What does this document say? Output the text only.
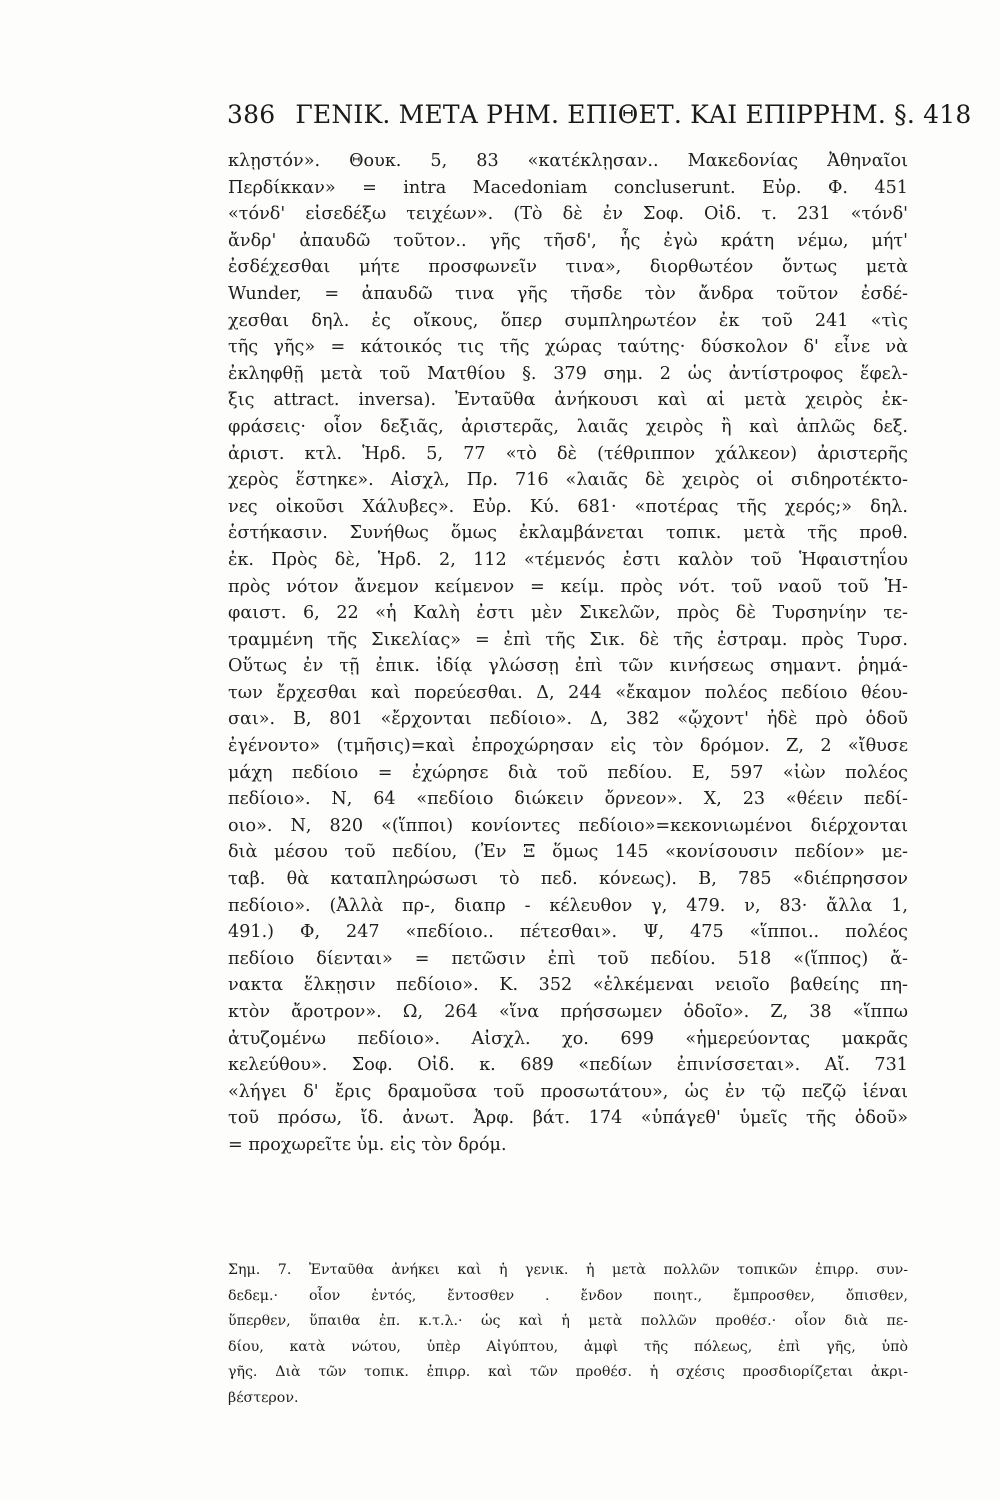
386 ΓΕΝΙΚ. ΜΕΤΑ ΡΗΜ. ΕΠΙΘΕΤ. ΚΑΙ ΕΠΙΡΡΗΜ. §. 418
κλῃστόν». Θουκ. 5, 83 «κατέκλῃσαν.. Μακεδονίας Ἀθηναῖοι
Περδίκκαν» = intra Macedoniam concluserunt. Εὐρ. Φ. 451
«τόνδ' εἰσεδέξω τειχέων». (Τὸ δὲ ἐν Σοφ. Οἰδ. τ. 231 «τόνδ'
ἄνδρ' ἀπαυδῶ τοῦτον.. γῆς τῆσδ', ἧς ἐγὼ κράτη νέμω, μήτ'
ἐσδέχεσθαι μήτε προσφωνεῖν τινα», διορθωτέον ὄντως μετὰ
Wunder, = ἀπαυδῶ τινα γῆς τῆσδε τὸν ἄνδρα τοῦτον ἐσδέ-
χεσθαι δηλ. ἐς οἴκους, ὅπερ συμπληρωτέον ἐκ τοῦ 241 «τὶς
τῆς γῆς» = κάτοικός τις τῆς χώρας ταύτης· δύσκολον δ' εἶνε νὰ
ἐκληφθῇ μετὰ τοῦ Ματθίου §. 379 σημ. 2 ὡς ἀντίστροφος ἕφελ-
ξις attract. inversa). Ἐνταῦθα ἀνήκουσι καὶ αἱ μετὰ χειρὸς ἐκ-
φράσεις· οἷον δεξιᾶς, ἀριστερᾶς, λαιᾶς χειρὸς ἢ καὶ ἁπλῶς δεξ.
ἀριστ. κτλ. Ἡρδ. 5, 77 «τὸ δὲ (τέθριππον χάλκεον) ἀριστερῆς
χερὸς ἕστηκε». Αἰσχλ, Πρ. 716 «λαιᾶς δὲ χειρὸς οἱ σιδηροτέκτο-
νες οἰκοῦσι Χάλυβες». Εὐρ. Κύ. 681· «ποτέρας τῆς χερός;» δηλ.
ἑστήκασιν. Συνήθως ὅμως ἐκλαμβάνεται τοπικ. μετὰ τῆς προθ.
ἐκ. Πρὸς δὲ, Ἡρδ. 2, 112 «τέμενός ἐστι καλὸν τοῦ Ἡφαιστηΐου
πρὸς νότον ἄνεμον κείμενον = κείμ. πρὸς νότ. τοῦ ναοῦ τοῦ Ἡ-
φαιστ. 6, 22 «ἡ Καλὴ ἐστι μὲν Σικελῶν, πρὸς δὲ Τυρσηνίην τε-
τραμμένη τῆς Σικελίας» = ἐπὶ τῆς Σικ. δὲ τῆς ἐστραμ. πρὸς Τυρσ.
Οὕτως ἐν τῇ ἐπικ. ἰδίᾳ γλώσσῃ ἐπὶ τῶν κινήσεως σημαντ. ῥημά-
των ἔρχεσθαι καὶ πορεύεσθαι. Δ, 244 «ἔκαμον πολέος πεδίοιο θέου-
σαι». Β, 801 «ἔρχονται πεδίοιο». Δ, 382 «ᾤχοντ' ἠδὲ πρὸ ὁδοῦ
ἐγένοντο» (τμῆσις)=καὶ ἐπροχώρησαν εἰς τὸν δρόμον. Ζ, 2 «ἴθυσε
μάχη πεδίοιο = ἐχώρησε διὰ τοῦ πεδίου. Ε, 597 «ἰὼν πολέος
πεδίοιο». Ν, 64 «πεδίοιο διώκειν ὄρνεον». Χ, 23 «θέειν πεδί-
οιο». Ν, 820 «(ἵπποι) κονίοντες πεδίοιο»=κεκονιωμένοι διέρχονται
διὰ μέσου τοῦ πεδίου, (Ἐν Ξ ὅμως 145 «κονίσουσιν πεδίον» με-
ταβ. θὰ καταπληρώσωσι τὸ πεδ. κόνεως). Β, 785 «διέπρησσον
πεδίοιο». (Ἀλλὰ πρ-, διαπρ - κέλευθον γ, 479. ν, 83· ἄλλα 1,
491.) Φ, 247 «πεδίοιο.. πέτεσθαι». Ψ, 475 «ἵπποι.. πολέος
πεδίοιο δίενται» = πετῶσιν ἐπὶ τοῦ πεδίου. 518 «(ἵππος) ἄ-
νακτα ἕλκῃσιν πεδίοιο». Κ. 352 «ἑλκέμεναι νειοῖο βαθείης πη-
κτὸν ἄροτρον». Ω, 264 «ἵνα πρήσσωμεν ὁδοῖο». Ζ, 38 «ἵππω
ἀτυζομένω πεδίοιο». Αἰσχλ. χο. 699 «ἡμερεύοντας μακρᾶς
κελεύθου». Σοφ. Οἰδ. κ. 689 «πεδίων ἐπινίσσεται». Αἴ. 731
«λήγει δ' ἔρις δραμοῦσα τοῦ προσωτάτου», ὡς ἐν τῷ πεζῷ ἱέναι
τοῦ πρόσω, ἴδ. ἀνωτ. Ἀρφ. βάτ. 174 «ὑπάγεθ' ὑμεῖς τῆς ὁδοῦ»
= προχωρεῖτε ὑμ. εἰς τὸν δρόμ.
Σημ. 7. Ἐνταῦθα ἀνήκει καὶ ἡ γενικ. ἡ μετὰ πολλῶν τοπικῶν ἐπιρρ. συν-
δεδεμ.· οἷον ἐντός, ἔντοσθεν . ἔνδον ποιητ., ἔμπροσθεν, ὄπισθεν,
ὕπερθεν, ὕπαιθα ἐπ. κ.τ.λ.· ὡς καὶ ἡ μετὰ πολλῶν προθέσ.· οἷον διὰ πε-
δίου, κατὰ νώτου, ὑπὲρ Αἰγύπτου, ἀμφὶ τῆς πόλεως, ἐπὶ γῆς, ὑπὸ
γῆς. Διὰ τῶν τοπικ. ἐπιρρ. καὶ τῶν προθέσ. ἡ σχέσις προσδιορίζεται ἀκρι-
βέστερον.
